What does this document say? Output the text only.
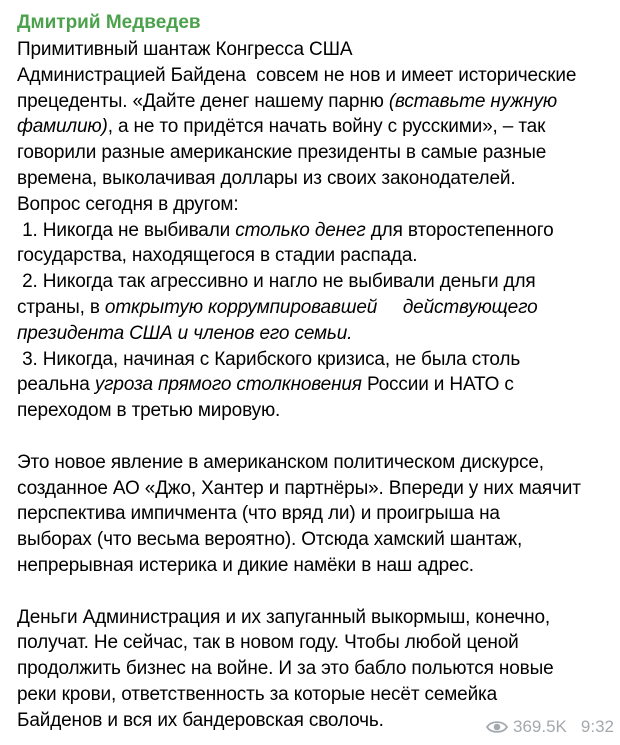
Дмитрий Медведев
Примитивный шантаж Конгресса США
Администрацией Байдена  совсем не нов и имеет исторические
прецеденты. «Дайте денег нашему парню (вставьте нужную
фамилию), а не то придётся начать войну с русскими», – так
говорили разные американские президенты в самые разные
времена, выколачивая доллары из своих законодателей.
Вопрос сегодня в другом:
1. Никогда не выбивали столько денег для второстепенного
государства, находящегося в стадии распада.
2. Никогда так агрессивно и нагло не выбивали деньги для
страны, в открытую коррумпировавшей     действующего
президента США и членов его семьи.
3. Никогда, начиная с Карибского кризиса, не была столь
реальна угроза прямого столкновения России и НАТО с
переходом в третью мировую.
Это новое явление в американском политическом дискурсе,
созданное АО «Джо, Хантер и партнёры». Впереди у них маячит
перспектива импичмента (что вряд ли) и проигрыша на
выборах (что весьма вероятно). Отсюда хамский шантаж,
непрерывная истерика и дикие намёки в наш адрес.
Деньги Администрация и их запуганный выкормыш, конечно,
получат. Не сейчас, так в новом году. Чтобы любой ценой
продолжить бизнес на войне. И за это бабло польются новые
реки крови, ответственность за которые несёт семейка
Байденов и вся их бандеровская сволочь.	369.5K 9:32
